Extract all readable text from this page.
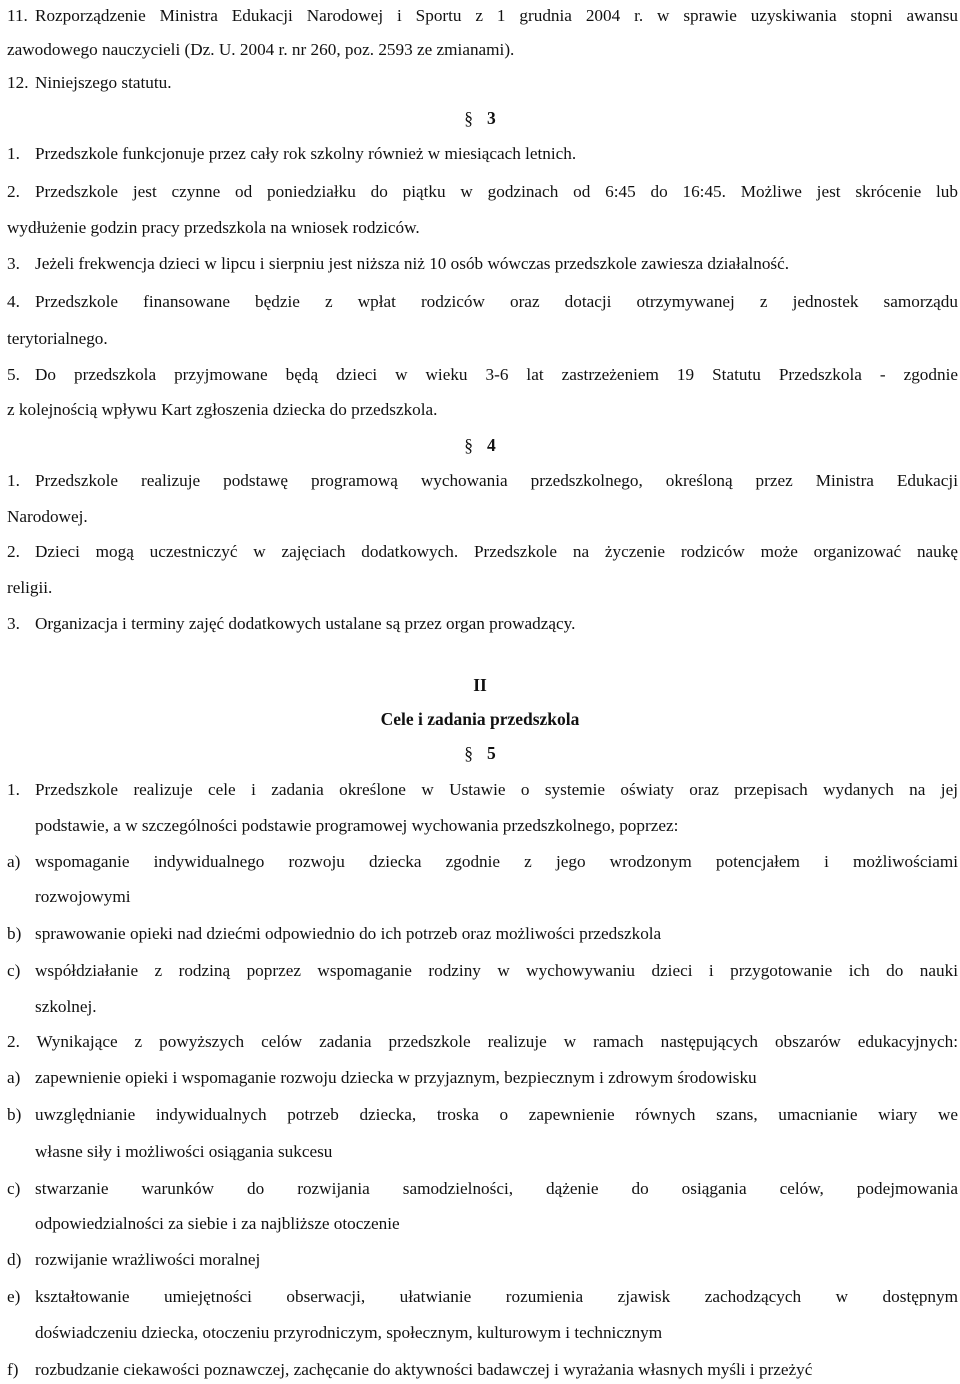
11. Rozporządzenie Ministra Edukacji Narodowej i Sportu z 1 grudnia 2004 r. w sprawie uzyskiwania stopni awansu

zawodowego nauczycieli (Dz. U. 2004 r. nr 260, poz. 2593 ze zmianami).

12. Niniejszego statutu.

§ 3

1. Przedszkole funkcjonuje przez cały rok szkolny również w miesiącach letnich.

2. Przedszkole jest czynne od poniedziałku do piątku w godzinach od 6:45 do 16:45. Możliwe jest skrócenie lub

wydłużenie godzin pracy przedszkola na wniosek rodziców.

3. Jeżeli frekwencja dzieci w lipcu i sierpniu jest niższa niż 10 osób wówczas przedszkole zawiesza działalność.

4. Przedszkole finansowane będzie z wpłat rodziców oraz dotacji otrzymywanej z jednostek samorządu

terytorialnego.

5. Do przedszkola przyjmowane będą dzieci w wieku 3-6 lat zastrzeżeniem 19 Statutu Przedszkola - zgodnie

z kolejnością wpływu Kart zgłoszenia dziecka do przedszkola.

§ 4

1. Przedszkole realizuje podstawę programową wychowania przedszkolnego, określoną przez Ministra Edukacji

Narodowej.

2. Dzieci mogą uczestniczyć w zajęciach dodatkowych. Przedszkole na życzenie rodziców może organizować naukę

religii.

3. Organizacja i terminy zajęć dodatkowych ustalane są przez organ prowadzący.

II

Cele i zadania przedszkola

§ 5

1. Przedszkole realizuje cele i zadania określone w Ustawie o systemie oświaty oraz przepisach wydanych na jej

podstawie, a w szczególności podstawie programowej wychowania przedszkolnego, poprzez:

a) wspomaganie indywidualnego rozwoju dziecka zgodnie z jego wrodzonym potencjałem i możliwościami

rozwojowymi

b) sprawowanie opieki nad dziećmi odpowiednio do ich potrzeb oraz możliwości przedszkola

c) współdziałanie z rodziną poprzez wspomaganie rodziny w wychowywaniu dzieci i przygotowanie ich do nauki

szkolnej.

2. Wynikające z powyższych celów zadania przedszkole realizuje w ramach następujących obszarów edukacyjnych:

a) zapewnienie opieki i wspomaganie rozwoju dziecka w przyjaznym, bezpiecznym i zdrowym środowisku

b) uwzględnianie indywidualnych potrzeb dziecka, troska o zapewnienie równych szans, umacnianie wiary we

własne siły i możliwości osiągania sukcesu

c) stwarzanie warunków do rozwijania samodzielności, dążenie do osiągania celów, podejmowania

odpowiedzialności za siebie i za najbliższe otoczenie

d) rozwijanie wrażliwości moralnej

e) kształtowanie umiejętności obserwacji, ułatwianie rozumienia zjawisk zachodzących w dostępnym

doświadczeniu dziecka, otoczeniu przyrodniczym, społecznym, kulturowym i technicznym

f) rozbudzanie ciekawości poznawczej, zachęcanie do aktywności badawczej i wyrażania własnych myśli i przeżyć
